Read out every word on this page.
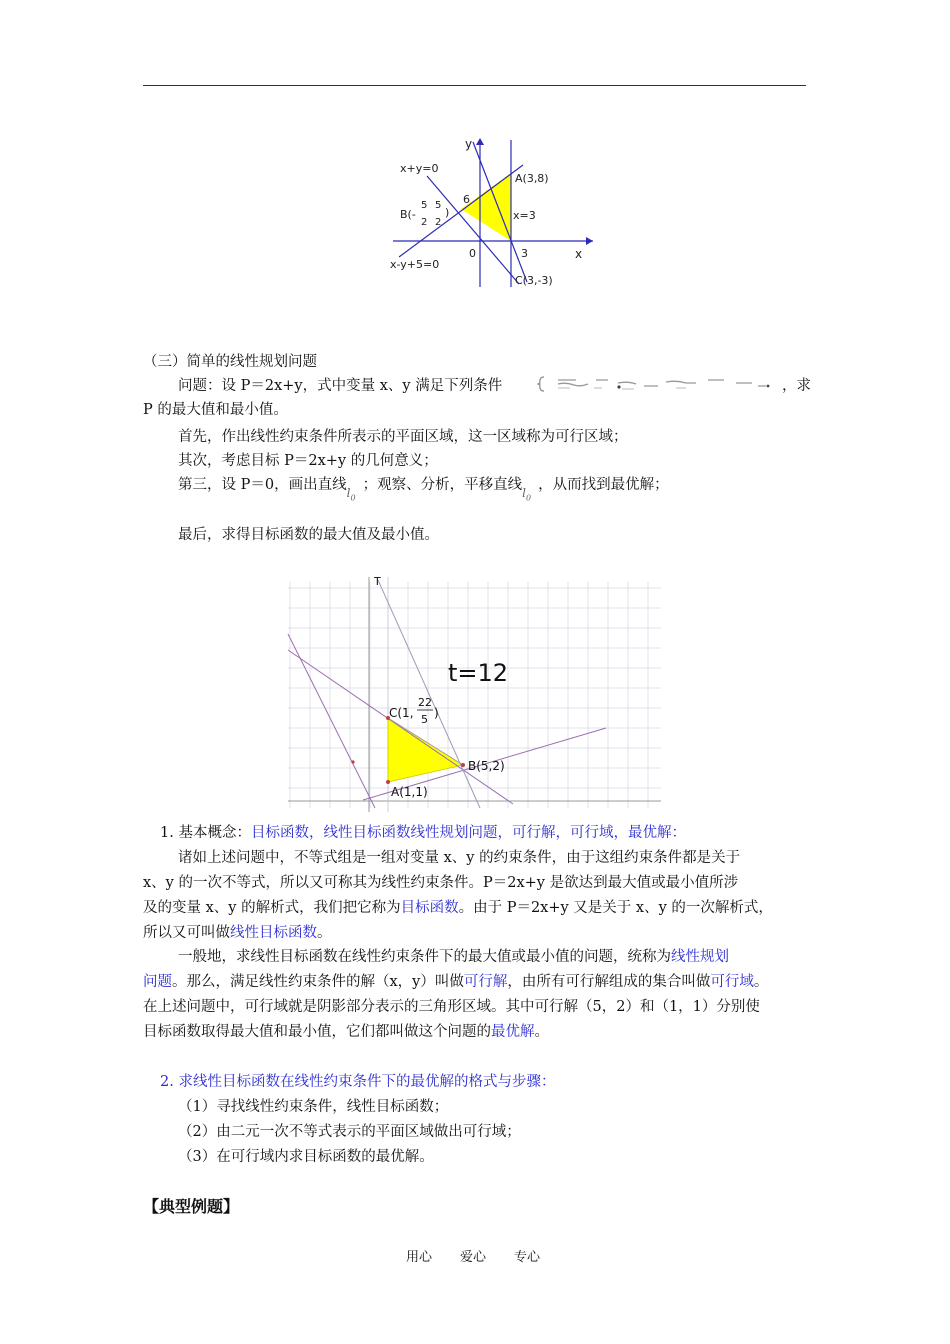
y
x
x+y=0
A(3,8)
6
B(-
5 5
2 2
)	x=3
0	3
x-y+5=0
C(3,-3)
（三）简单的线性规划问题
问题：设 P＝2x+y，式中变量 x、y 满足下列条件	，求
P 的最大值和最小值。
首先，作出线性约束条件所表示的平面区域，这一区域称为可行区域；
其次，考虑目标 P＝2x+y 的几何意义；
第三，设 P＝0，画出直线$l_0$；观察、分析，平移直线$l_0$，从而找到最优解；
最后，求得目标函数的最大值及最小值。
T
t=12
C(1,
22
5 )
B(5,2)
A(1,1)
1. 基本概念：目标函数，线性目标函数线性规划问题，可行解，可行域，最优解：
诸如上述问题中，不等式组是一组对变量 x、y 的约束条件，由于这组约束条件都是关于
x、y 的一次不等式，所以又可称其为线性约束条件。P＝2x+y 是欲达到最大值或最小值所涉
及的变量 x、y 的解析式，我们把它称为目标函数。由于 P＝2x+y 又是关于 x、y 的一次解析式，
所以又可叫做线性目标函数。
一般地，求线性目标函数在线性约束条件下的最大值或最小值的问题，统称为线性规划
问题。那么，满足线性约束条件的解（x，y）叫做可行解，由所有可行解组成的集合叫做可行域。
在上述问题中，可行域就是阴影部分表示的三角形区域。其中可行解（5，2）和（1，1）分别使
目标函数取得最大值和最小值，它们都叫做这个问题的最优解。
2. 求线性目标函数在线性约束条件下的最优解的格式与步骤：
（1）寻找线性约束条件，线性目标函数；
（2）由二元一次不等式表示的平面区域做出可行域；
（3）在可行域内求目标函数的最优解。
【典型例题】
用心 爱心 专心
